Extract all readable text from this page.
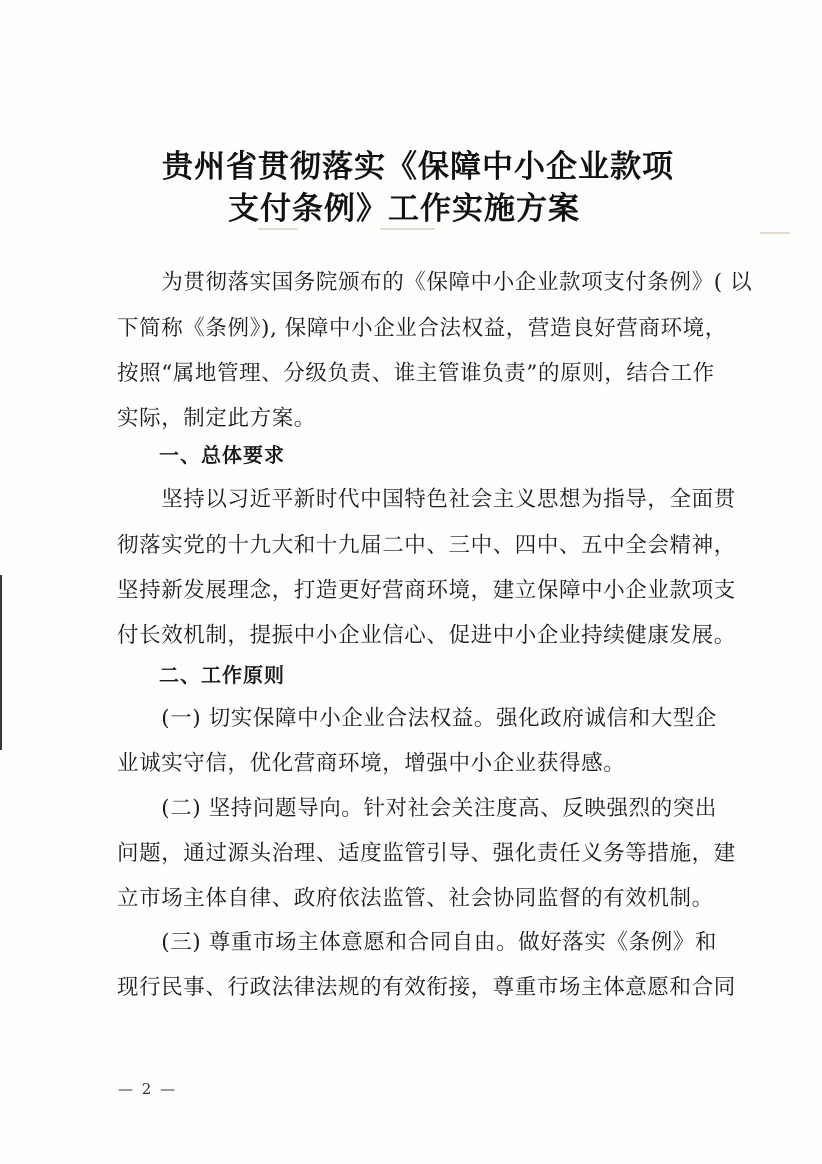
贵州省贯彻落实《保障中小企业款项
支付条例》工作实施方案
　　为贯彻落实国务院颁布的《保障中小企业款项支付条例》( 以
下简称《条例》), 保障中小企业合法权益，营造良好营商环境，
按照“属地管理、分级负责、谁主管谁负责”的原则，结合工作
实际，制定此方案。
　　一、总体要求
　　坚持以习近平新时代中国特色社会主义思想为指导，全面贯
彻落实党的十九大和十九届二中、三中、四中、五中全会精神，
坚持新发展理念，打造更好营商环境，建立保障中小企业款项支
付长效机制，提振中小企业信心、促进中小企业持续健康发展。
　　二、工作原则
　　(一) 切实保障中小企业合法权益。强化政府诚信和大型企
业诚实守信，优化营商环境，增强中小企业获得感。
　　(二) 坚持问题导向。针对社会关注度高、反映强烈的突出
问题，通过源头治理、适度监管引导、强化责任义务等措施，建
立市场主体自律、政府依法监管、社会协同监督的有效机制。
　　(三) 尊重市场主体意愿和合同自由。做好落实《条例》和
现行民事、行政法律法规的有效衔接，尊重市场主体意愿和合同
— 2 —
